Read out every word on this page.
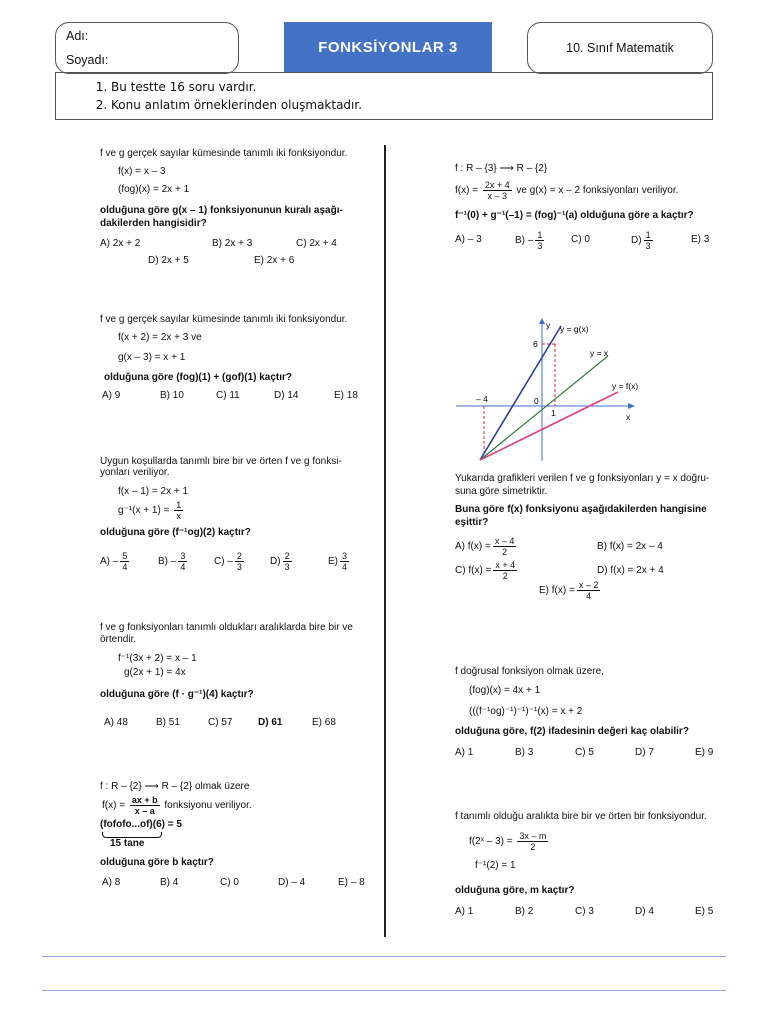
Adı:
Soyadı:
FONKSİYONLAR 3	10. Sınıf Matematik
1. Bu testte 16 soru vardır.
2. Konu anlatım örneklerinden oluşmaktadır.
f ve g gerçek sayılar kümesinde tanımlı iki fonksiyondur.
f(x) = x – 3
(fog)(x) = 2x + 1
olduğuna göre g(x – 1) fonksiyonunun kuralı aşağı-
dakilerden hangisidir?
A) 2x + 2	B) 2x + 3	C) 2x + 4
D) 2x + 5	E) 2x + 6
f ve g gerçek sayılar kümesinde tanımlı iki fonksiyondur.
f(x + 2) = 2x + 3 ve
g(x – 3) = x + 1
olduğuna göre (fog)(1) + (gof)(1) kaçtır?
A) 9	B) 10	C) 11	D) 14	E) 18
Uygun koşullarda tanımlı bire bir ve örten f ve g fonksi-
yonları veriliyor.
f(x – 1) = 2x + 1
$g^{-1}(x + 1) = \frac{1}{x}$
olduğuna göre (f⁻¹og)(2) kaçtır?
$A) - \frac{5}{4}$	$B) - \frac{3}{4}$	$C) - \frac{2}{3}$	$D) \frac{2}{3}$	$E) \frac{3}{4}$
f ve g fonksiyonları tanımlı oldukları aralıklarda bire bir ve
örtendir.
f⁻¹(3x + 2) = x – 1
g(2x + 1) = 4x
olduğuna göre (f · g⁻¹)(4) kaçtır?
A) 48	B) 51	C) 57	D) 61	E) 68
f : R – {2} ⟶ R – {2} olmak üzere
$f(x) = \frac{ax + b}{x - a}$ fonksiyonu veriliyor.
(fofofo...of)(6) = 5
15 tane
olduğuna göre b kaçtır?
A) 8	B) 4	C) 0	D) – 4	E) – 8
f : R – {3} ⟶ R – {2}
$f(x) = \frac{2x + 4}{x - 3}$ ve g(x) = x – 2 fonksiyonları veriliyor.
f⁻¹(0) + g⁻¹(–1) = (fog)⁻¹(a) olduğuna göre a kaçtır?
A) – 3	$B) - \frac{1}{3}$	C) 0	$D) \frac{1}{3}$	E) 3
y = g(x)
y = x
y = f(x)
y
x
6
– 4	0
1
Yukarıda grafikleri verilen f ve g fonksiyonları y = x doğru-
suna göre simetriktir.
Buna göre f(x) fonksiyonu aşağıdakilerden hangisine
eşittir?
A) $f(x) = \frac{x - 4}{2}$	B) f(x) = 2x – 4
C) $f(x) = \frac{x + 4}{2}$	D) f(x) = 2x + 4
E) $f(x) = \frac{x - 2}{4}$
f doğrusal fonksiyon olmak üzere,
(fog)(x) = 4x + 1
(((f⁻¹og)⁻¹)⁻¹)⁻¹(x) = x + 2
olduğuna göre, f(2) ifadesinin değeri kaç olabilir?
A) 1	B) 3	C) 5	D) 7	E) 9
f tanımlı olduğu aralıkta bire bir ve örten bir fonksiyondur.
f(2ˣ – $3) = \frac{3x - m}{2}$
f⁻¹(2) = 1
olduğuna göre, m kaçtır?
A) 1	B) 2	C) 3	D) 4	E) 5
